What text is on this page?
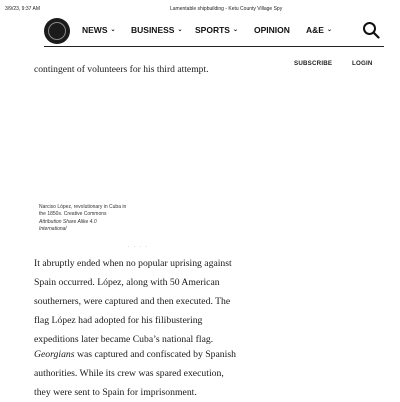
3/9/23, 9:37 AM	Lamentable shipbuilding - Ketu County Village Spy
NEWS ⌄ BUSINESS ⌄ SPORTS ⌄ OPINION A&E ⌄
contingent of volunteers for his third attempt.
SUBSCRIBE	LOGIN
Narciso López, revolutionary in Cuba in
the 1850s. Creative Commons
Attribution Share Alike 4.0
International
. . . .
It abruptly ended when no popular uprising against
Spain occurred. López, along with 50 American
southerners, were captured and then executed. The
flag López had adopted for his filibustering
expeditions later became Cuba’s national flag.
Georgians was captured and confiscated by Spanish
authorities. While its crew was spared execution,
they were sent to Spain for imprisonment.
